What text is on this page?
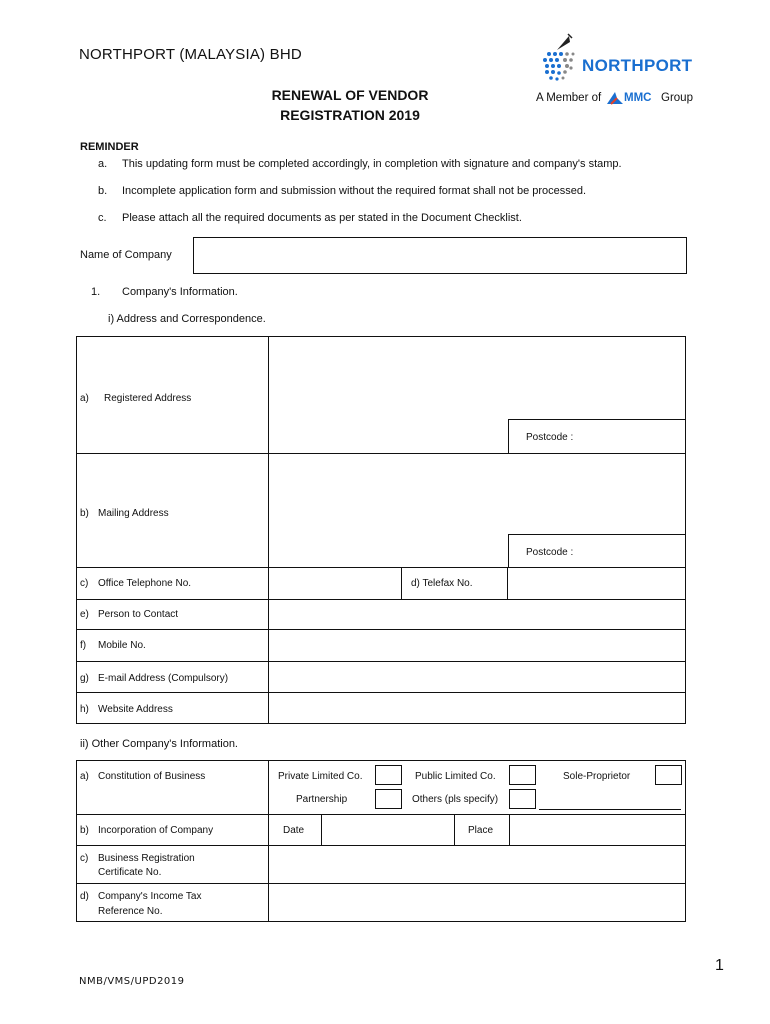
NORTHPORT (MALAYSIA) BHD
RENEWAL OF VENDOR
REGISTRATION 2019
NORTHPORT
A Member of MMC Group
REMINDER
a. This updating form must be completed accordingly, in completion with signature and company's stamp.
b. Incomplete application form and submission without the required format shall not be processed.
c. Please attach all the required documents as per stated in the Document Checklist.
Name of Company
1. Company's Information.
i) Address and Correspondence.
a) Registered Address
Postcode :
b) Mailing Address
Postcode :
c) Office Telephone No.	d) Telefax No.
e) Person to Contact
f) Mobile No.
g) E-mail Address (Compulsory)
h) Website Address
ii) Other Company's Information.
a) Constitution of Business	Private Limited Co.	Public Limited Co.	Sole-Proprietor
Partnership	Others (pls specify)
b) Incorporation of Company	Date	Place
c) Business Registration
Certificate No.
d) Company's Income Tax
Reference No.
1
NMB/VMS/UPD2019
